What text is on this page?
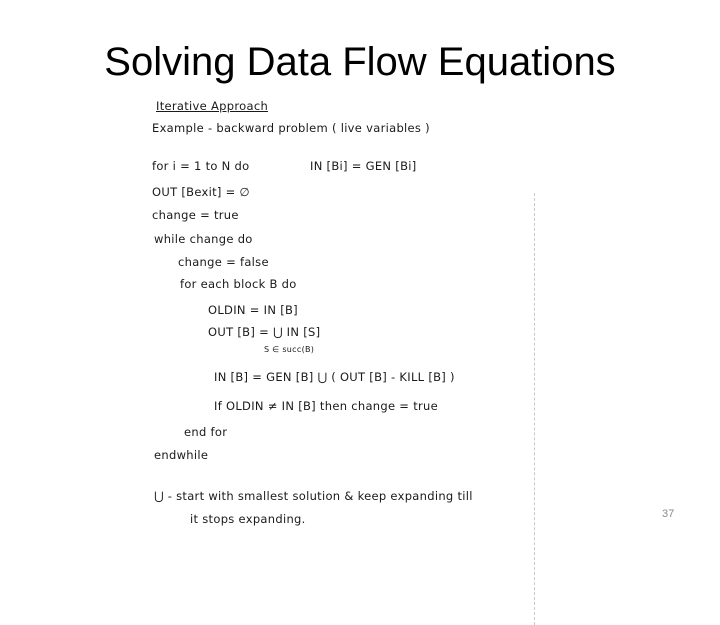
Solving Data Flow Equations
Iterative Approach
Example - backward problem ( live variables )
for i = 1 to N do	IN [Bi] = GEN [Bi]
OUT [Bexit] = ∅
change = true
while change do
change = false
for each block B do
OLDIN = IN [B]
OUT [B] = ⋃ IN [S]
S ∈ succ(B)
IN [B] = GEN [B] ⋃ ( OUT [B] - KILL [B] )
If OLDIN ≠ IN [B] then change = true
end for
endwhile
⋃ - start with smallest solution & keep expanding till
it stops expanding.	37
